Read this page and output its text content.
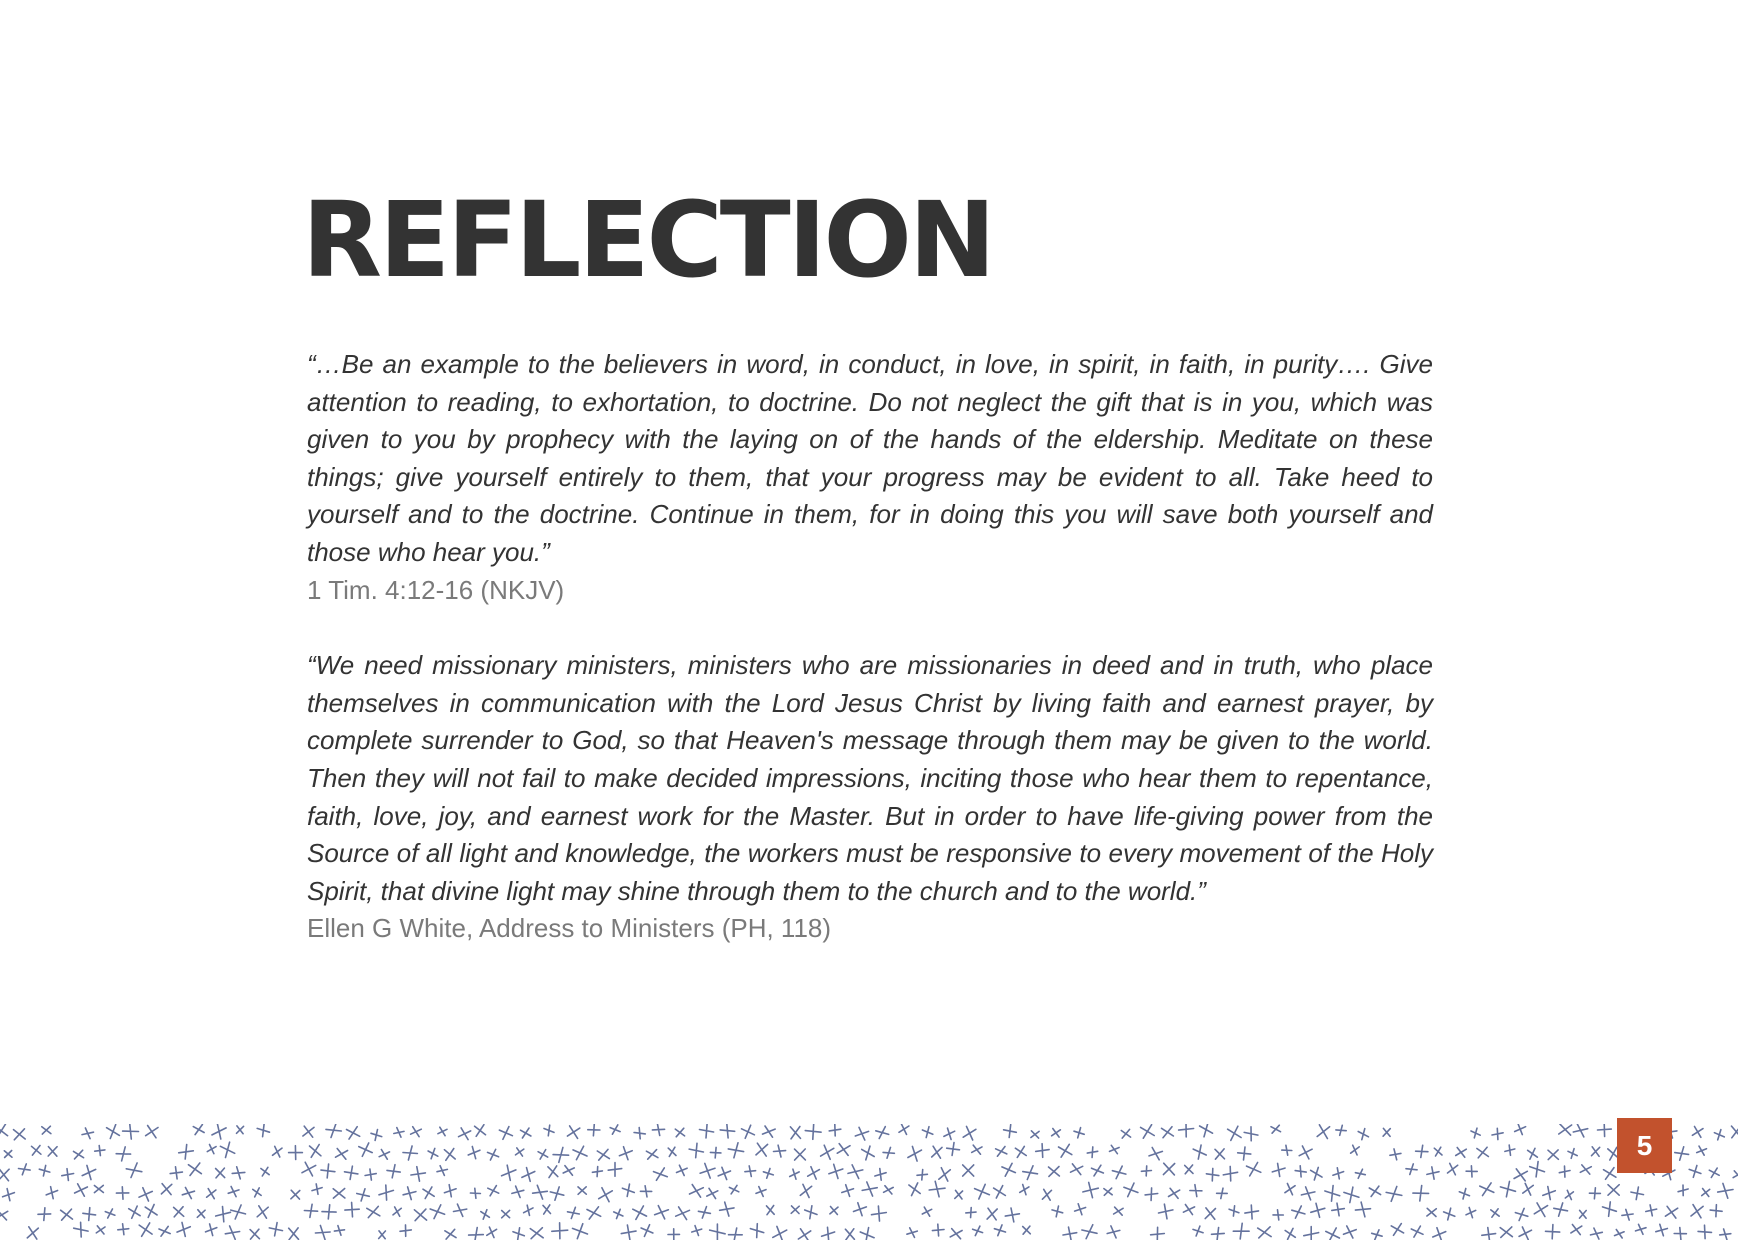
REFLECTION

“…Be an example to the believers in word, in conduct, in love, in spirit, in faith, in purity…. Give attention to reading, to exhortation, to doctrine. Do not neglect the gift that is in you, which was given to you by prophecy with the laying on of the hands of the eldership. Meditate on these things; give yourself entirely to them, that your progress may be evident to all. Take heed to yourself and to the doctrine. Continue in them, for in doing this you will save both yourself and those who hear you.”

1 Tim. 4:12-16 (NKJV)

“We need missionary ministers, ministers who are missionaries in deed and in truth, who place themselves in communication with the Lord Jesus Christ by living faith and earnest prayer, by complete surrender to God, so that Heaven's message through them may be given to the world. Then they will not fail to make decided impressions, inciting those who hear them to repentance, faith, love, joy, and earnest work for the Master. But in order to have life-giving power from the Source of all light and knowledge, the workers must be responsive to every movement of the Holy Spirit, that divine light may shine through them to the church and to the world.”

Ellen G White, Address to Ministers (PH, 118)

5
